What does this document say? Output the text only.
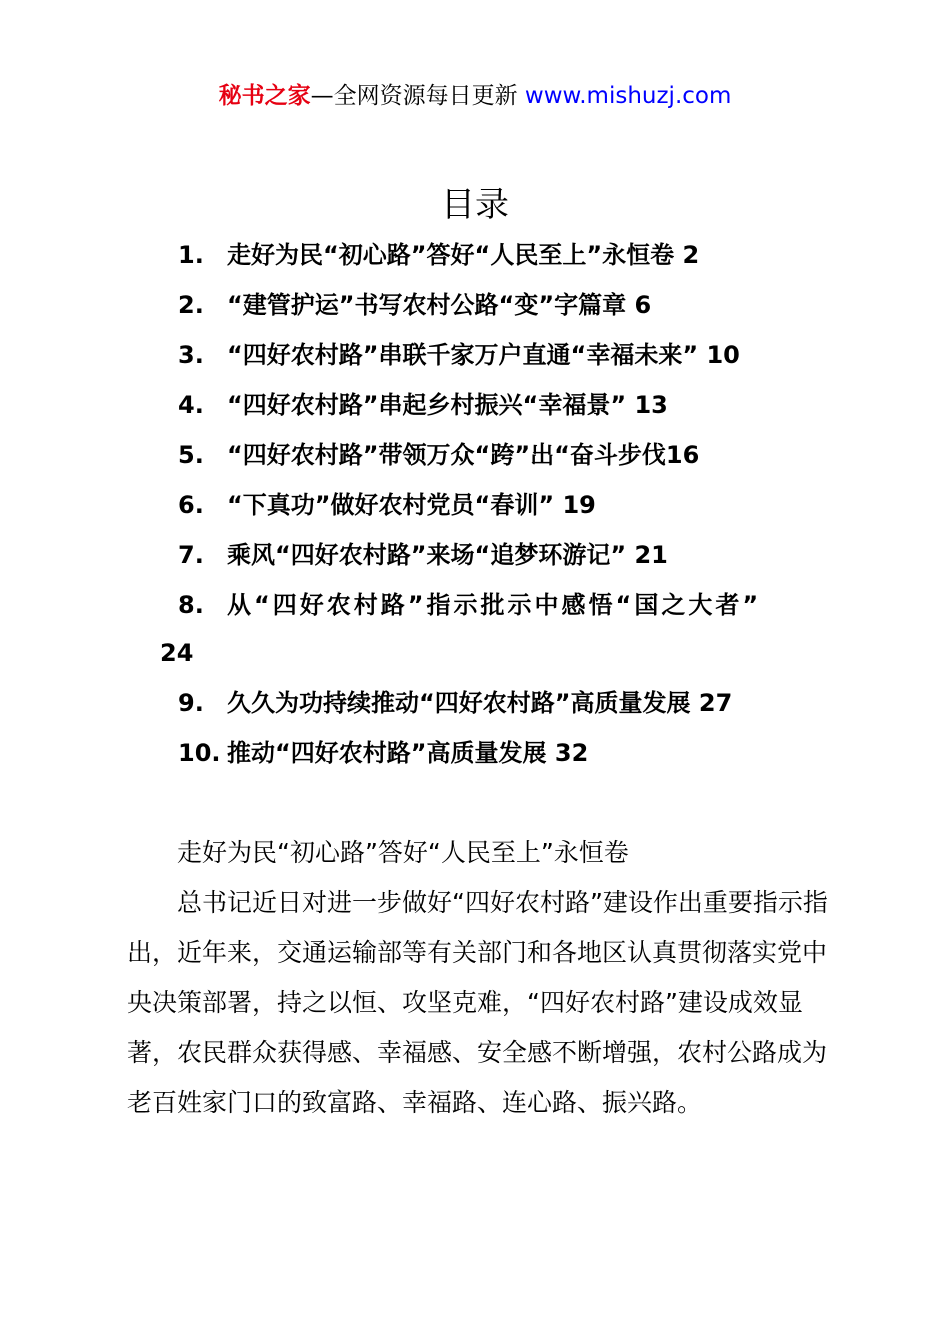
秘书之家—全网资源每日更新 www.mishuzj.com
目录
1. 走好为民“初心路”答好“人民至上”永恒卷 2
2. “建管护运”书写农村公路“变”字篇章 6
3. “四好农村路”串联千家万户直通“幸福未来” 10
4. “四好农村路”串起乡村振兴“幸福景” 13
5. “四好农村路”带领万众“跨”出“奋斗步伐16
6. “下真功”做好农村党员“春训” 19
7. 乘风“四好农村路”来场“追梦环游记” 21
8. 从“四好农村路”指示批示中感悟“国之大者”
24
9. 久久为功持续推动“四好农村路”高质量发展 27
10. 推动“四好农村路”高质量发展 32
走好为民“初心路”答好“人民至上”永恒卷

总书记近日对进一步做好“四好农村路”建设作出重要指示指出，近年来，交通运输部等有关部门和各地区认真贯彻落实党中央决策部署，持之以恒、攻坚克难，“四好农村路”建设成效显著，农民群众获得感、幸福感、安全感不断增强，农村公路成为老百姓家门口的致富路、幸福路、连心路、振兴路。
